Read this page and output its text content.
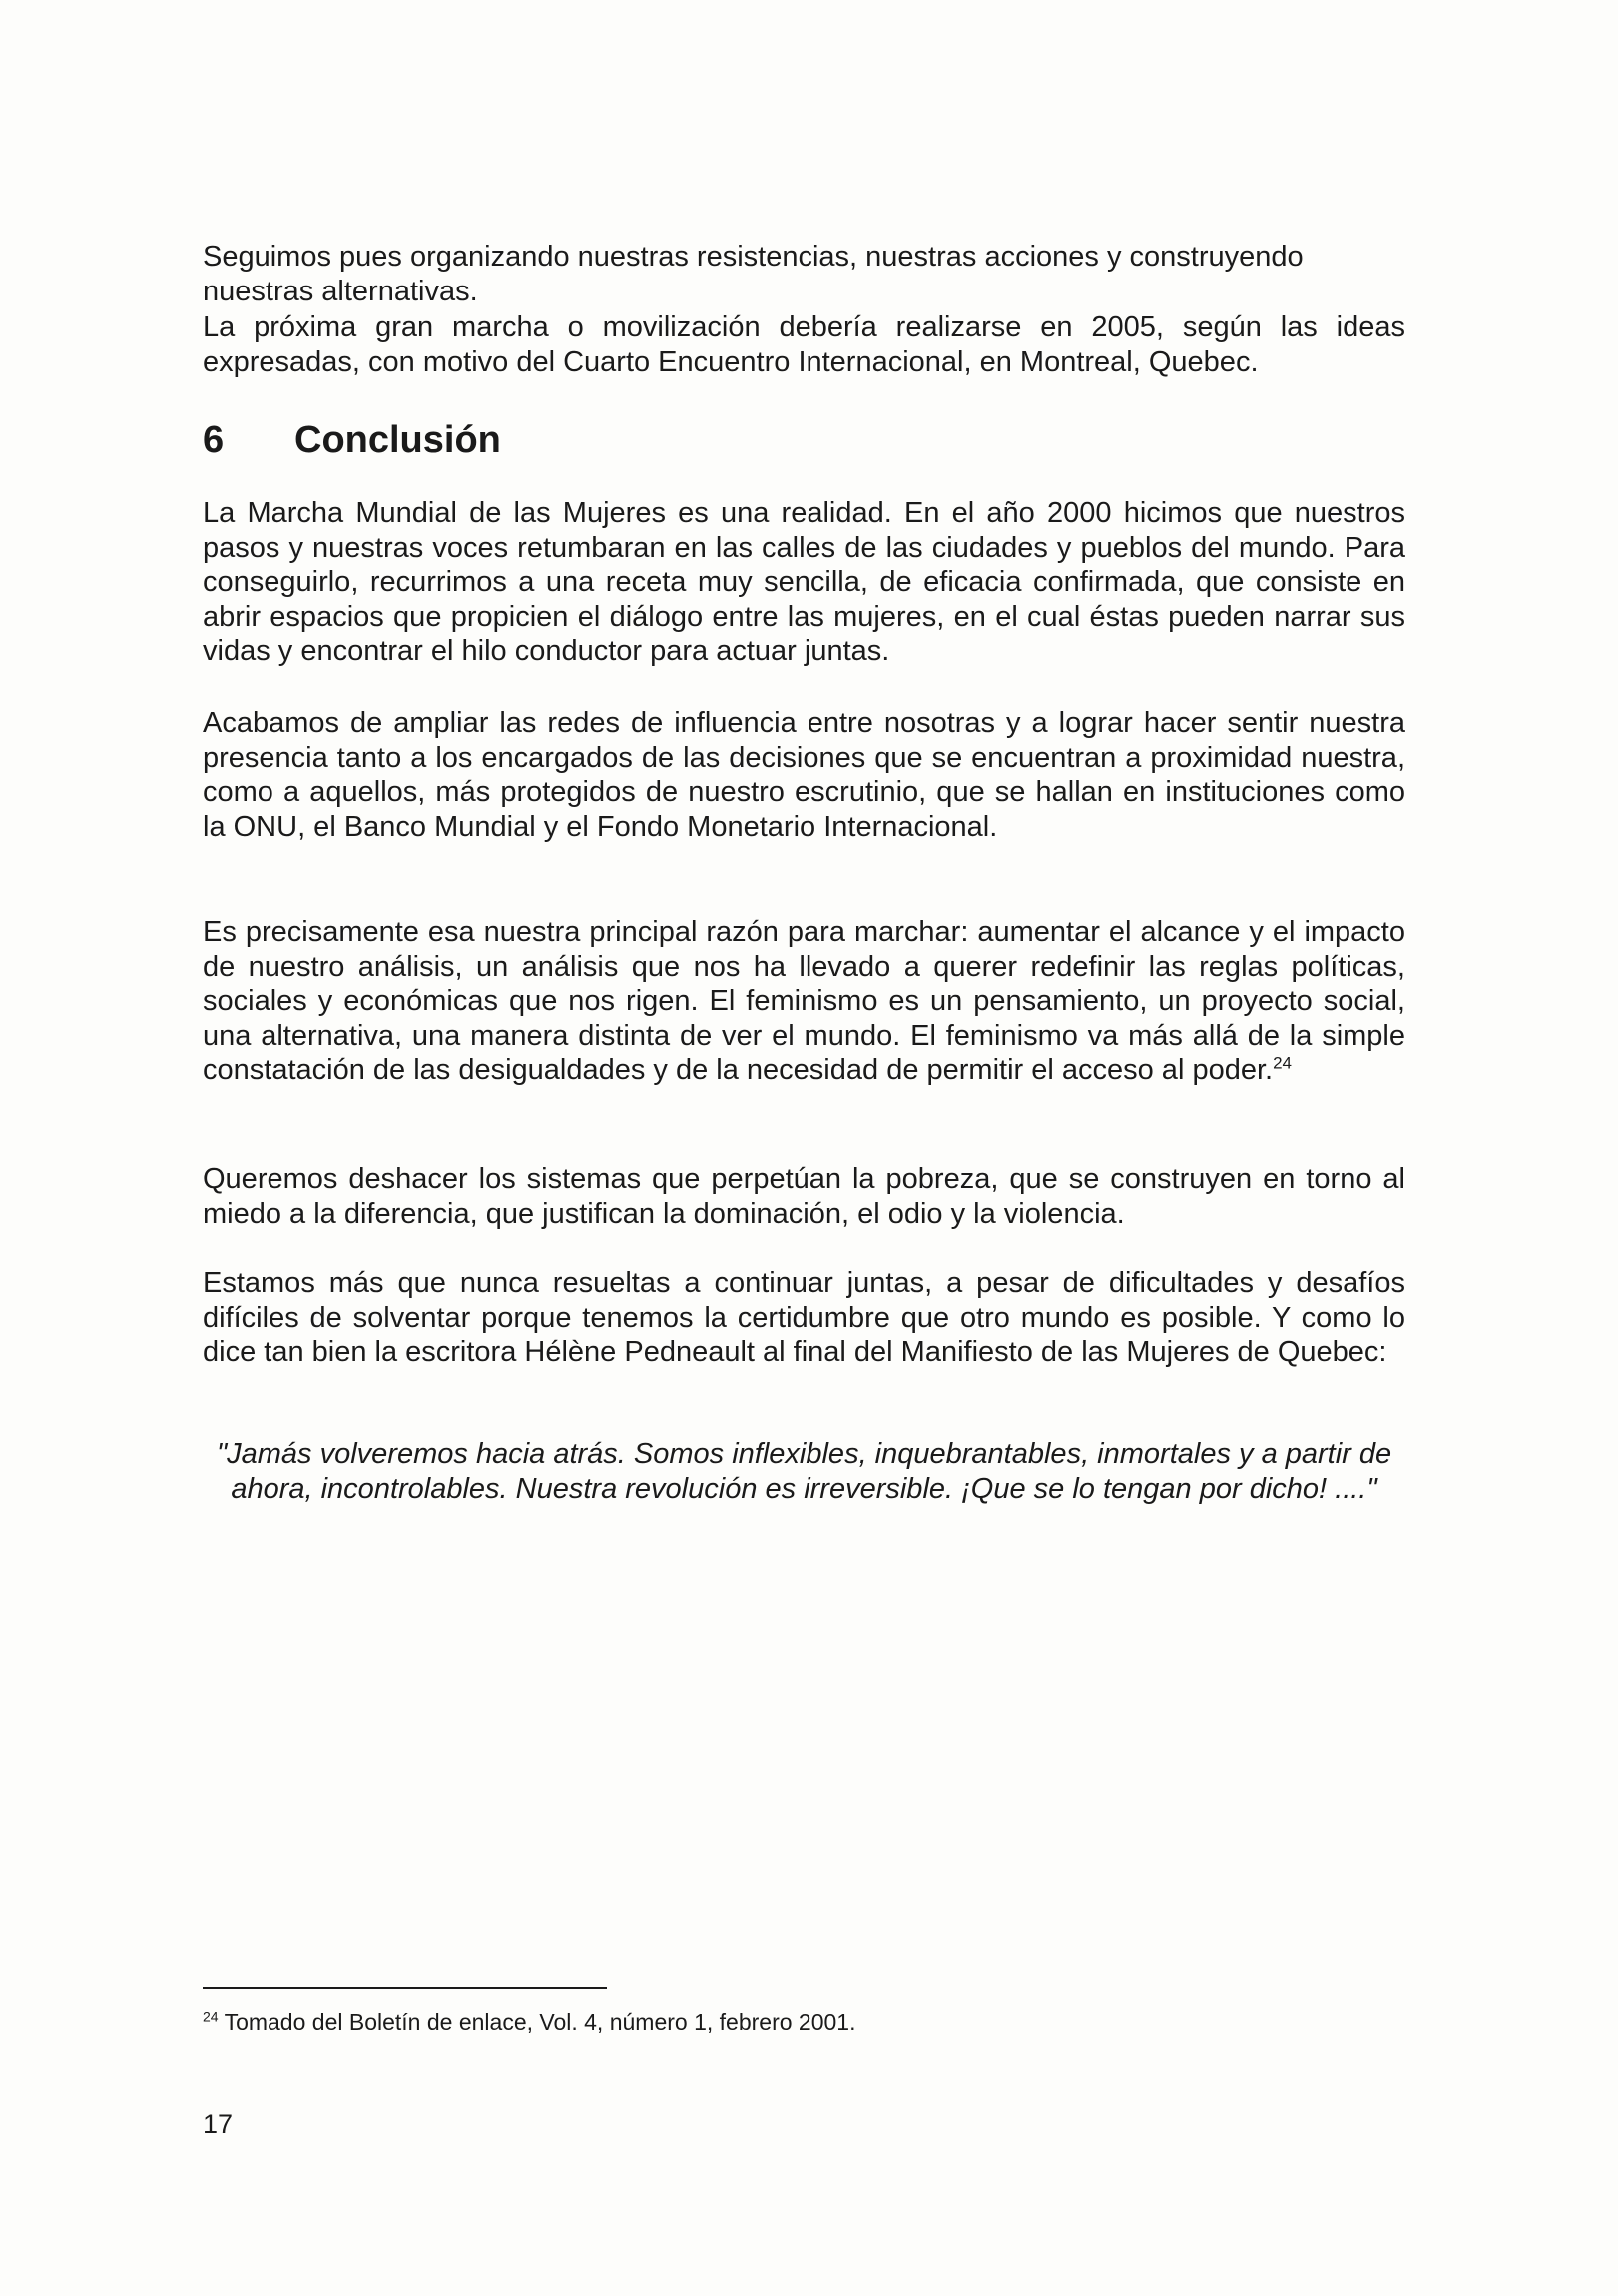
Seguimos pues organizando nuestras resistencias, nuestras acciones y construyendo nuestras alternativas.

La próxima gran marcha o movilización debería realizarse en 2005, según las ideas expresadas, con motivo del Cuarto Encuentro Internacional, en Montreal, Quebec.

6 Conclusión

La Marcha Mundial de las Mujeres es una realidad. En el año 2000 hicimos que nuestros pasos y nuestras voces retumbaran en las calles de las ciudades y pueblos del mundo. Para conseguirlo, recurrimos a una receta muy sencilla, de eficacia confirmada, que consiste en abrir espacios que propicien el diálogo entre las mujeres, en el cual éstas pueden narrar sus vidas y encontrar el hilo conductor para actuar juntas.

Acabamos de ampliar las redes de influencia entre nosotras y a lograr hacer sentir nuestra presencia tanto a los encargados de las decisiones que se encuentran a proximidad nuestra, como a aquellos, más protegidos de nuestro escrutinio, que se hallan en instituciones como la ONU, el Banco Mundial y el Fondo Monetario Internacional.

Es precisamente esa nuestra principal razón para marchar: aumentar el alcance y el impacto de nuestro análisis, un análisis que nos ha llevado a querer redefinir las reglas políticas, sociales y económicas que nos rigen. El feminismo es un pensamiento, un proyecto social, una alternativa, una manera distinta de ver el mundo. El feminismo va más allá de la simple constatación de las desigualdades y de la necesidad de permitir el acceso al poder.$^{24}$

Queremos deshacer los sistemas que perpetúan la pobreza, que se construyen en torno al miedo a la diferencia, que justifican la dominación, el odio y la violencia.

Estamos más que nunca resueltas a continuar juntas, a pesar de dificultades y desafíos difíciles de solventar porque tenemos la certidumbre que otro mundo es posible. Y como lo dice tan bien la escritora Hélène Pedneault al final del Manifiesto de las Mujeres de Quebec:

"Jamás volveremos hacia atrás. Somos inflexibles, inquebrantables, inmortales y a partir de ahora, incontrolables. Nuestra revolución es irreversible. ¡Que se lo tengan por dicho! ...."

$^{24}$ Tomado del Boletín de enlace, Vol. 4, número 1, febrero 2001.

17
